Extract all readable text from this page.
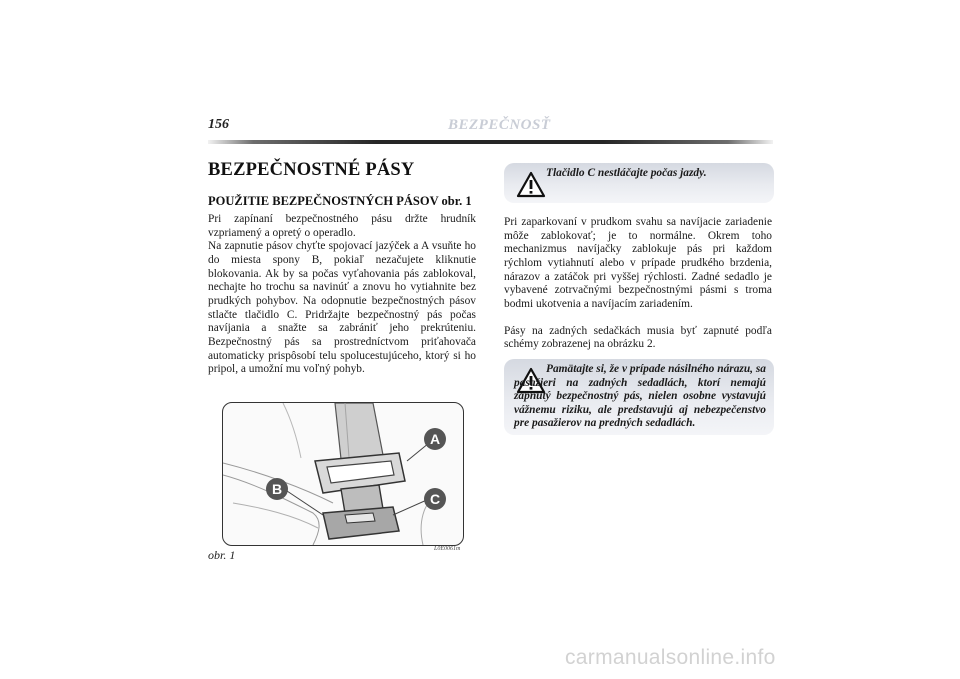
156	BEZPEČNOSŤ
BEZPEČNOSTNÉ PÁSY
POUŽITIE BEZPEČNOSTNÝCH PÁSOV obr. 1

Pri zapínaní bezpečnostného pásu držte hrudník vzpriamený a opretý o operadlo.
Na zapnutie pásov chyťte spojovací jazýček a A vsuňte ho do miesta spony B, pokiaľ nezačujete kliknutie blokovania. Ak by sa počas vyťahovania pás zablokoval, nechajte ho trochu sa navinúť a znovu ho vytiahnite bez prudkých pohybov. Na odopnutie bezpečnostných pásov stlačte tlačidlo C. Pridržajte bezpečnostný pás počas navíjania a snažte sa zabrániť jeho prekrúteniu. Bezpečnostný pás sa prostredníctvom priťahovača automaticky prispôsobí telu spolucestujúceho, ktorý si ho pripol, a umožní mu voľný pohyb.

Tlačidlo C nestláčajte počas jazdy.

Pri zaparkovaní v prudkom svahu sa navíjacie zariadenie môže zablokovať; je to normálne. Okrem toho mechanizmus navíjačky zablokuje pás pri každom rýchlom vytiahnutí alebo v prípade prudkého brzdenia, nárazov a zatáčok pri vyššej rýchlosti. Zadné sedadlo je vybavené zotrvačnými bezpečnostnými pásmi s troma bodmi ukotvenia a navíjacím zariadením.

Pásy na zadných sedačkách musia byť zapnuté podľa schémy zobrazenej na obrázku 2.

Pamätajte si, že v prípade násilného nárazu, sa pasažieri na zadných sedadlách, ktorí nemajú zapnutý bezpečnostný pás, nielen osobne vystavujú vážnemu riziku, ale predstavujú aj nebezpečenstvo pre pasažierov na predných sedadlách.
A
B
C
L0E0061m
obr. 1
carmanualsonline.info
